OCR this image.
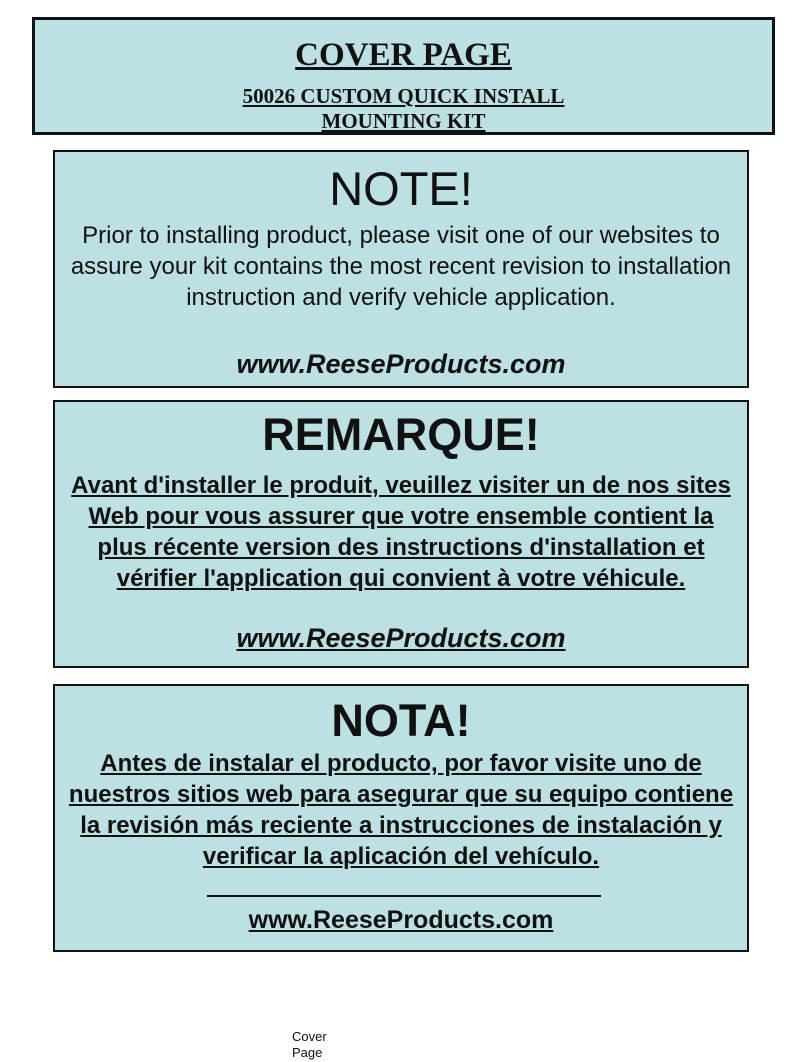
COVER PAGE
50026 CUSTOM QUICK INSTALL
MOUNTING KIT
NOTE!
Prior to installing product, please visit one of our websites to assure your kit contains the most recent revision to installation instruction and verify vehicle application.
www.ReeseProducts.com
REMARQUE!
Avant d'installer le produit, veuillez visiter un de nos sites Web pour vous assurer que votre ensemble contient la plus récente version des instructions d'installation et vérifier l'application qui convient à votre véhicule.
www.ReeseProducts.com
NOTA!
Antes de instalar el producto, por favor visite uno de nuestros sitios web para asegurar que su equipo contiene la revisión más reciente a instrucciones de instalación y verificar la aplicación del vehículo.
www.ReeseProducts.com
Cover
Page
